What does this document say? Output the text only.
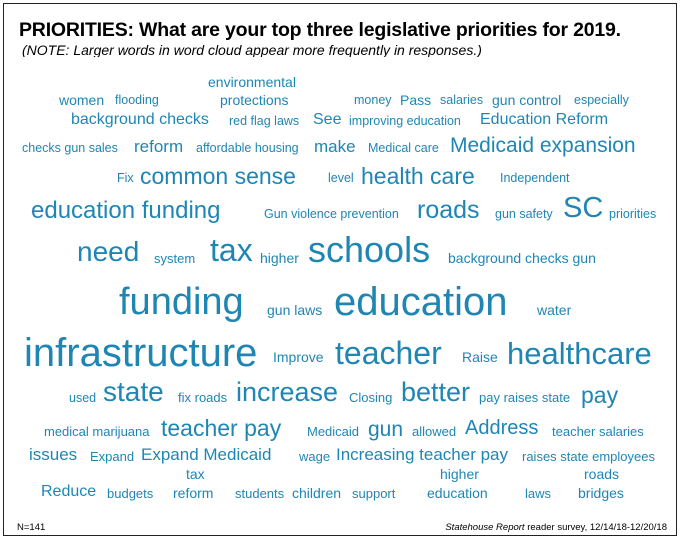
PRIORITIES: What are your top three legislative priorities for 2019.
(NOTE: Larger words in word cloud appear more frequently in responses.)
environmental
protections
women flooding	money Pass salaries gun control especially
background checks red flag laws See improving education Education Reform
checks gun sales reform affordable housing make Medical care Medicaid expansion
Fix common sense	level health care Independent
education funding	Gun violence prevention roads gun safety SC priorities
need system tax higher schools background checks gun
funding gun laws education water
infrastructure Improve teacher Raise healthcare
used state fix roads increase Closing better pay raises state pay
medical marijuana teacher pay Medicaid gun allowed Address teacher salaries
issues Expand Expand Medicaid wage Increasing teacher pay raises state employees
tax
reform
higher
education
roads
bridges
Reduce budgets	students children support	laws
N=141	Statehouse Report reader survey, 12/14/18-12/20/18
